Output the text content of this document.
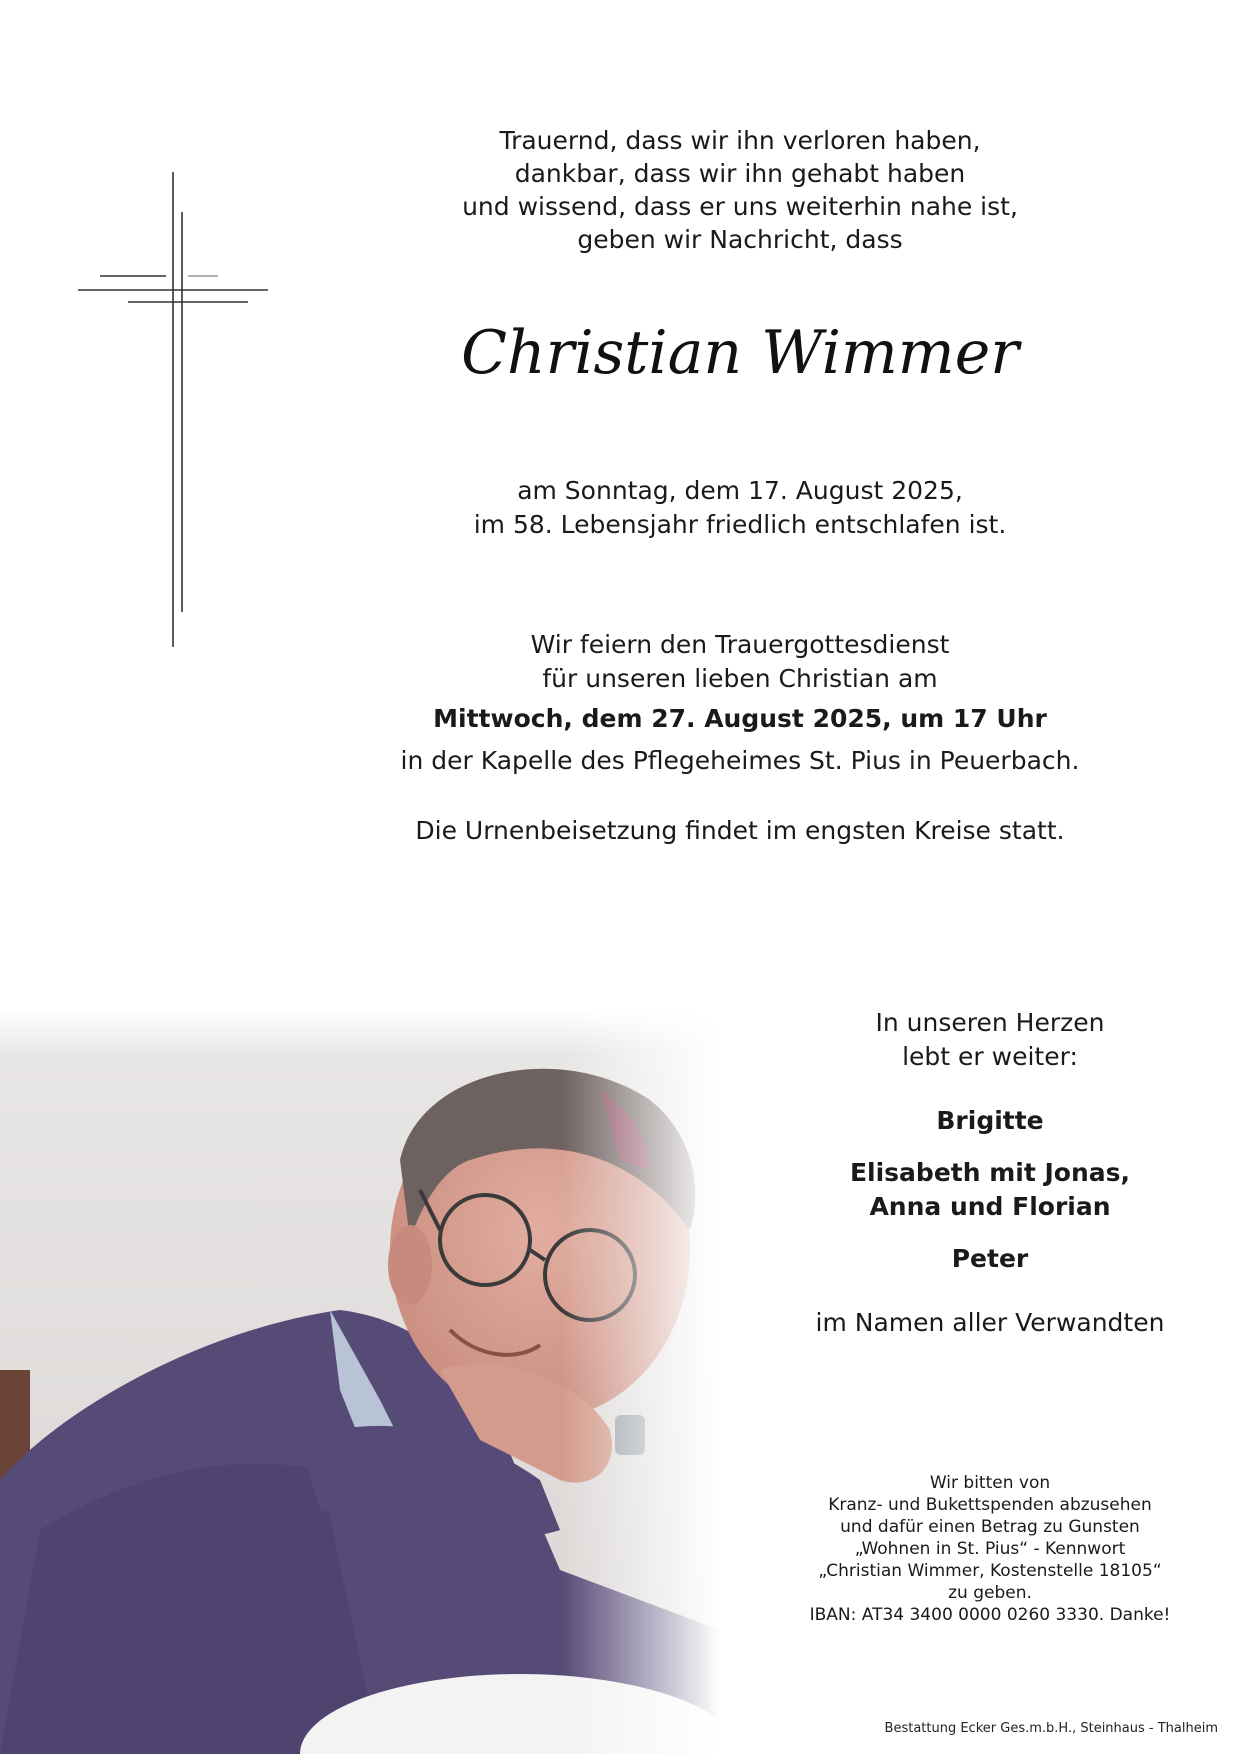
Trauernd, dass wir ihn verloren haben,
dankbar, dass wir ihn gehabt haben
und wissend, dass er uns weiterhin nahe ist,
geben wir Nachricht, dass
Christian Wimmer
am Sonntag, dem 17. August 2025,
im 58. Lebensjahr friedlich entschlafen ist.
Wir feiern den Trauergottesdienst
für unseren lieben Christian am
Mittwoch, dem 27. August 2025, um 17 Uhr
in der Kapelle des Pflegeheimes St. Pius in Peuerbach.
Die Urnenbeisetzung findet im engsten Kreise statt.
In unseren Herzen
lebt er weiter:
Brigitte
Elisabeth mit Jonas,
Anna und Florian
Peter
im Namen aller Verwandten
Wir bitten von
Kranz- und Bukettspenden abzusehen
und dafür einen Betrag zu Gunsten
„Wohnen in St. Pius“ - Kennwort
„Christian Wimmer, Kostenstelle 18105“
zu geben.
IBAN: AT34 3400 0000 0260 3330. Danke!
Bestattung Ecker Ges.m.b.H., Steinhaus - Thalheim
